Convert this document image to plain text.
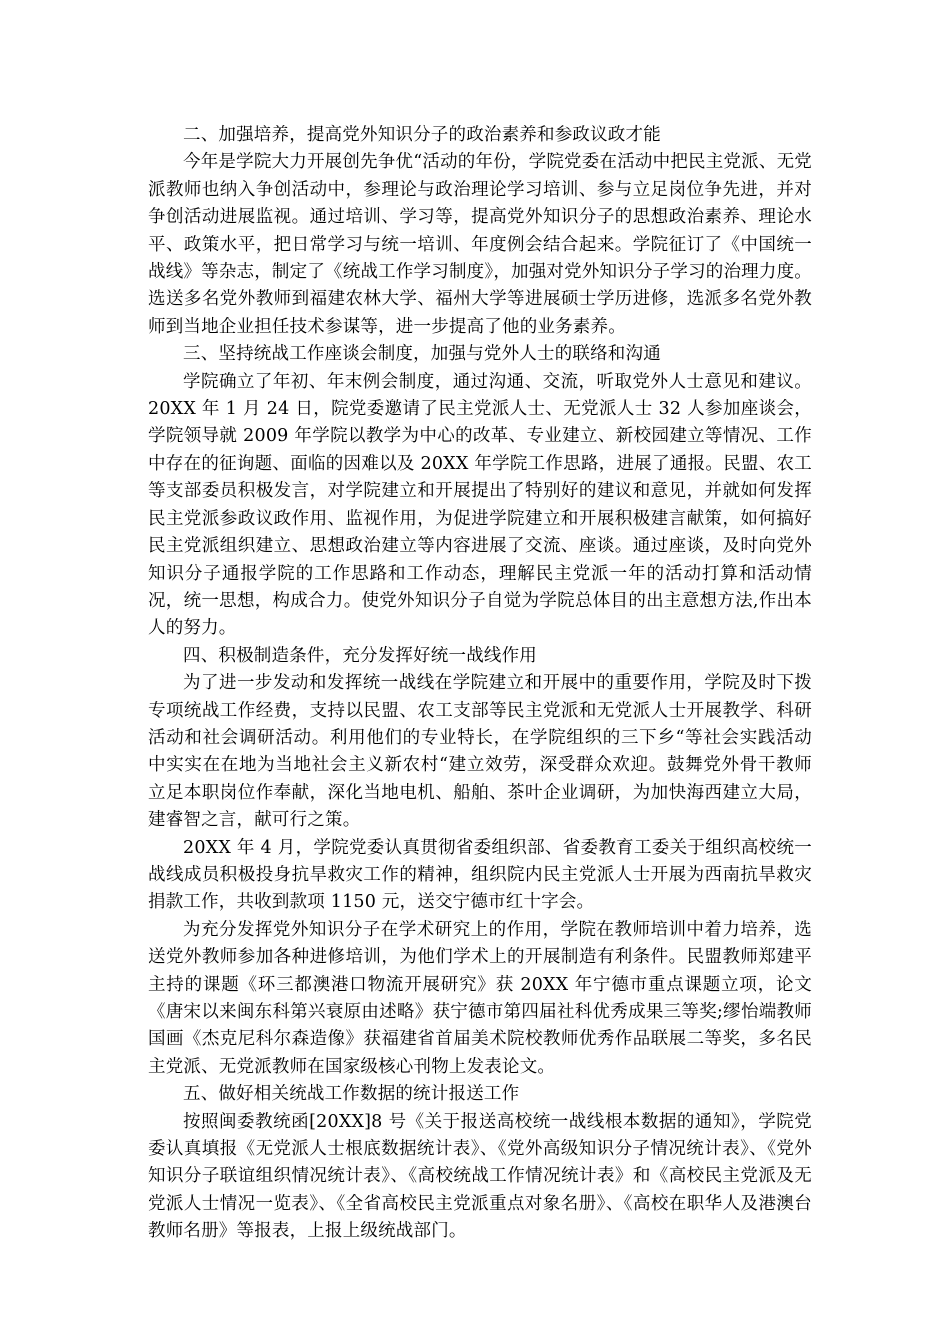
二、加强培养，提高党外知识分子的政治素养和参政议政才能

今年是学院大力开展创先争优“活动的年份，学院党委在活动中把民主党派、无党派教师也纳入争创活动中，参理论与政治理论学习培训、参与立足岗位争先进，并对争创活动进展监视。通过培训、学习等，提高党外知识分子的思想政治素养、理论水平、政策水平，把日常学习与统一培训、年度例会结合起来。学院征订了《中国统一战线》等杂志，制定了《统战工作学习制度》，加强对党外知识分子学习的治理力度。选送多名党外教师到福建农林大学、福州大学等进展硕士学历进修，选派多名党外教师到当地企业担任技术参谋等，进一步提高了他的业务素养。

三、坚持统战工作座谈会制度，加强与党外人士的联络和沟通

学院确立了年初、年末例会制度，通过沟通、交流，听取党外人士意见和建议。 20XX 年 1 月 24 日，院党委邀请了民主党派人士、无党派人士 32 人参加座谈会，学院领导就 2009 年学院以教学为中心的改革、专业建立、新校园建立等情况、工作中存在的征询题、面临的因难以及 20XX 年学院工作思路，进展了通报。民盟、农工等支部委员积极发言，对学院建立和开展提出了特别好的建议和意见，并就如何发挥民主党派参政议政作用、监视作用，为促进学院建立和开展积极建言献策，如何搞好民主党派组织建立、思想政治建立等内容进展了交流、座谈。通过座谈，及时向党外知识分子通报学院的工作思路和工作动态，理解民主党派一年的活动打算和活动情况，统一思想，构成合力。使党外知识分子自觉为学院总体目的出主意想方法,作出本人的努力。

四、积极制造条件，充分发挥好统一战线作用

为了进一步发动和发挥统一战线在学院建立和开展中的重要作用，学院及时下拨专项统战工作经费，支持以民盟、农工支部等民主党派和无党派人士开展教学、科研活动和社会调研活动。利用他们的专业特长，在学院组织的三下乡“等社会实践活动中实实在在地为当地社会主义新农村“建立效劳，深受群众欢迎。鼓舞党外骨干教师立足本职岗位作奉献，深化当地电机、船舶、茶叶企业调研，为加快海西建立大局，建睿智之言，献可行之策。

20XX 年 4 月，学院党委认真贯彻省委组织部、省委教育工委关于组织高校统一战线成员积极投身抗旱救灾工作的精神，组织院内民主党派人士开展为西南抗旱救灾捐款工作，共收到款项 1150 元，送交宁德市红十字会。

为充分发挥党外知识分子在学术研究上的作用，学院在教师培训中着力培养，选送党外教师参加各种进修培训，为他们学术上的开展制造有利条件。民盟教师郑建平主持的课题《环三都澳港口物流开展研究》获 20XX 年宁德市重点课题立项，论文《唐宋以来闽东科第兴衰原由述略》获宁德市第四届社科优秀成果三等奖;缪怡端教师国画《杰克尼科尔森造像》获福建省首届美术院校教师优秀作品联展二等奖，多名民主党派、无党派教师在国家级核心刊物上发表论文。

五、做好相关统战工作数据的统计报送工作

按照闽委教统函[20XX]8 号《关于报送高校统一战线根本数据的通知》，学院党委认真填报《无党派人士根底数据统计表》、《党外高级知识分子情况统计表》、《党外知识分子联谊组织情况统计表》、《高校统战工作情况统计表》和《高校民主党派及无党派人士情况一览表》、《全省高校民主党派重点对象名册》、《高校在职华人及港澳台教师名册》等报表，上报上级统战部门。
